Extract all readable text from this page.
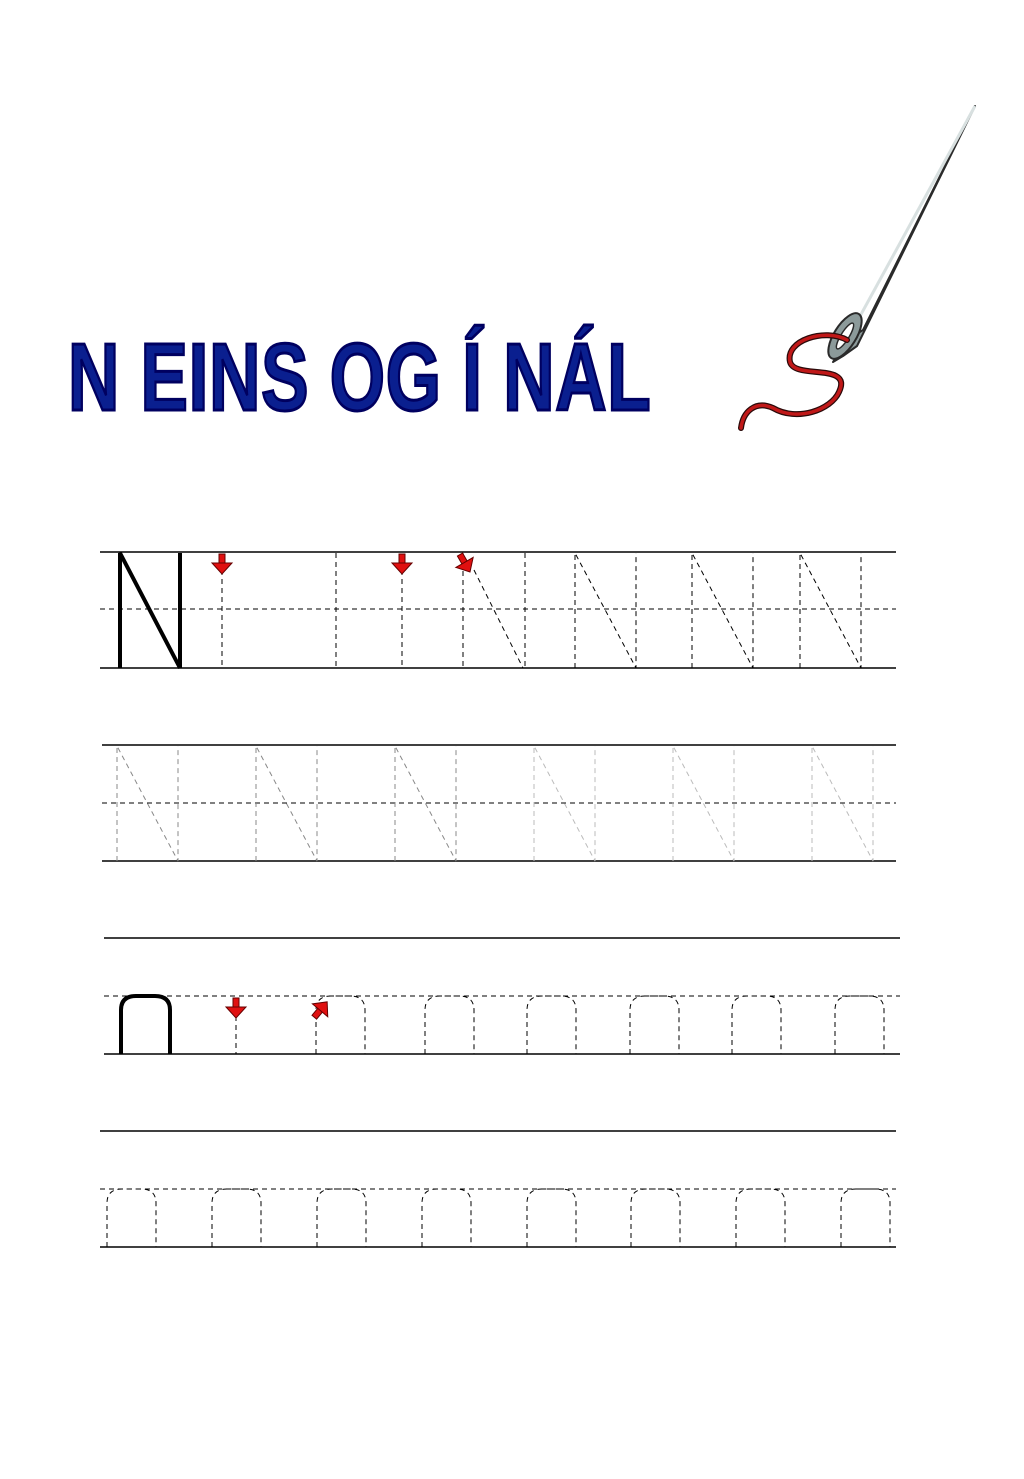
N EINS OG Í NÁL
